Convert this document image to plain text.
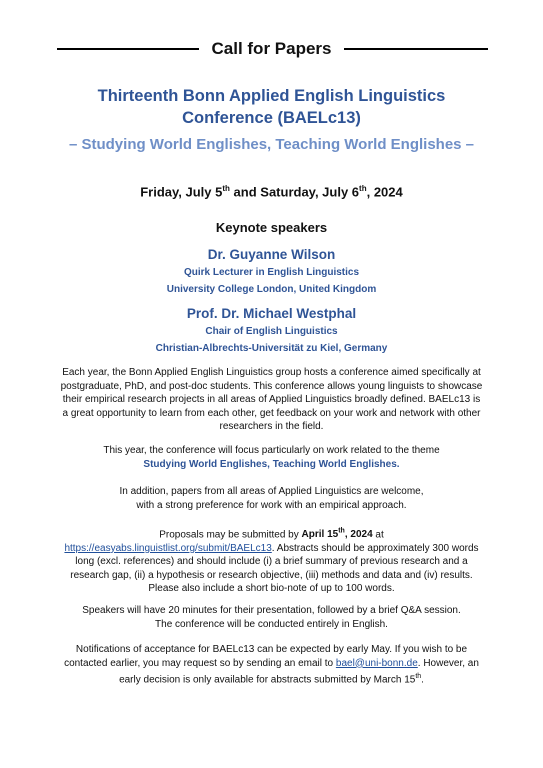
Call for Papers
Thirteenth Bonn Applied English Linguistics
Conference (BAELc13)
– Studying World Englishes, Teaching World Englishes –
Friday, July 5th and Saturday, July 6th, 2024
Keynote speakers
Dr. Guyanne Wilson
Quirk Lecturer in English Linguistics
University College London, United Kingdom
Prof. Dr. Michael Westphal
Chair of English Linguistics
Christian-Albrechts-Universität zu Kiel, Germany
Each year, the Bonn Applied English Linguistics group hosts a conference aimed specifically at postgraduate, PhD, and post-doc students. This conference allows young linguists to showcase their empirical research projects in all areas of Applied Linguistics broadly defined. BAELc13 is a great opportunity to learn from each other, get feedback on your work and network with other researchers in the field.
This year, the conference will focus particularly on work related to the theme
Studying World Englishes, Teaching World Englishes.
In addition, papers from all areas of Applied Linguistics are welcome,
with a strong preference for work with an empirical approach.
Proposals may be submitted by April 15th, 2024 at
https://easyabs.linguistlist.org/submit/BAELc13. Abstracts should be approximately 300 words long (excl. references) and should include (i) a brief summary of previous research and a research gap, (ii) a hypothesis or research objective, (iii) methods and data and (iv) results. Please also include a short bio-note of up to 100 words.
Speakers will have 20 minutes for their presentation, followed by a brief Q&A session.
The conference will be conducted entirely in English.
Notifications of acceptance for BAELc13 can be expected by early May. If you wish to be contacted earlier, you may request so by sending an email to bael@uni-bonn.de. However, an early decision is only available for abstracts submitted by March 15th.
